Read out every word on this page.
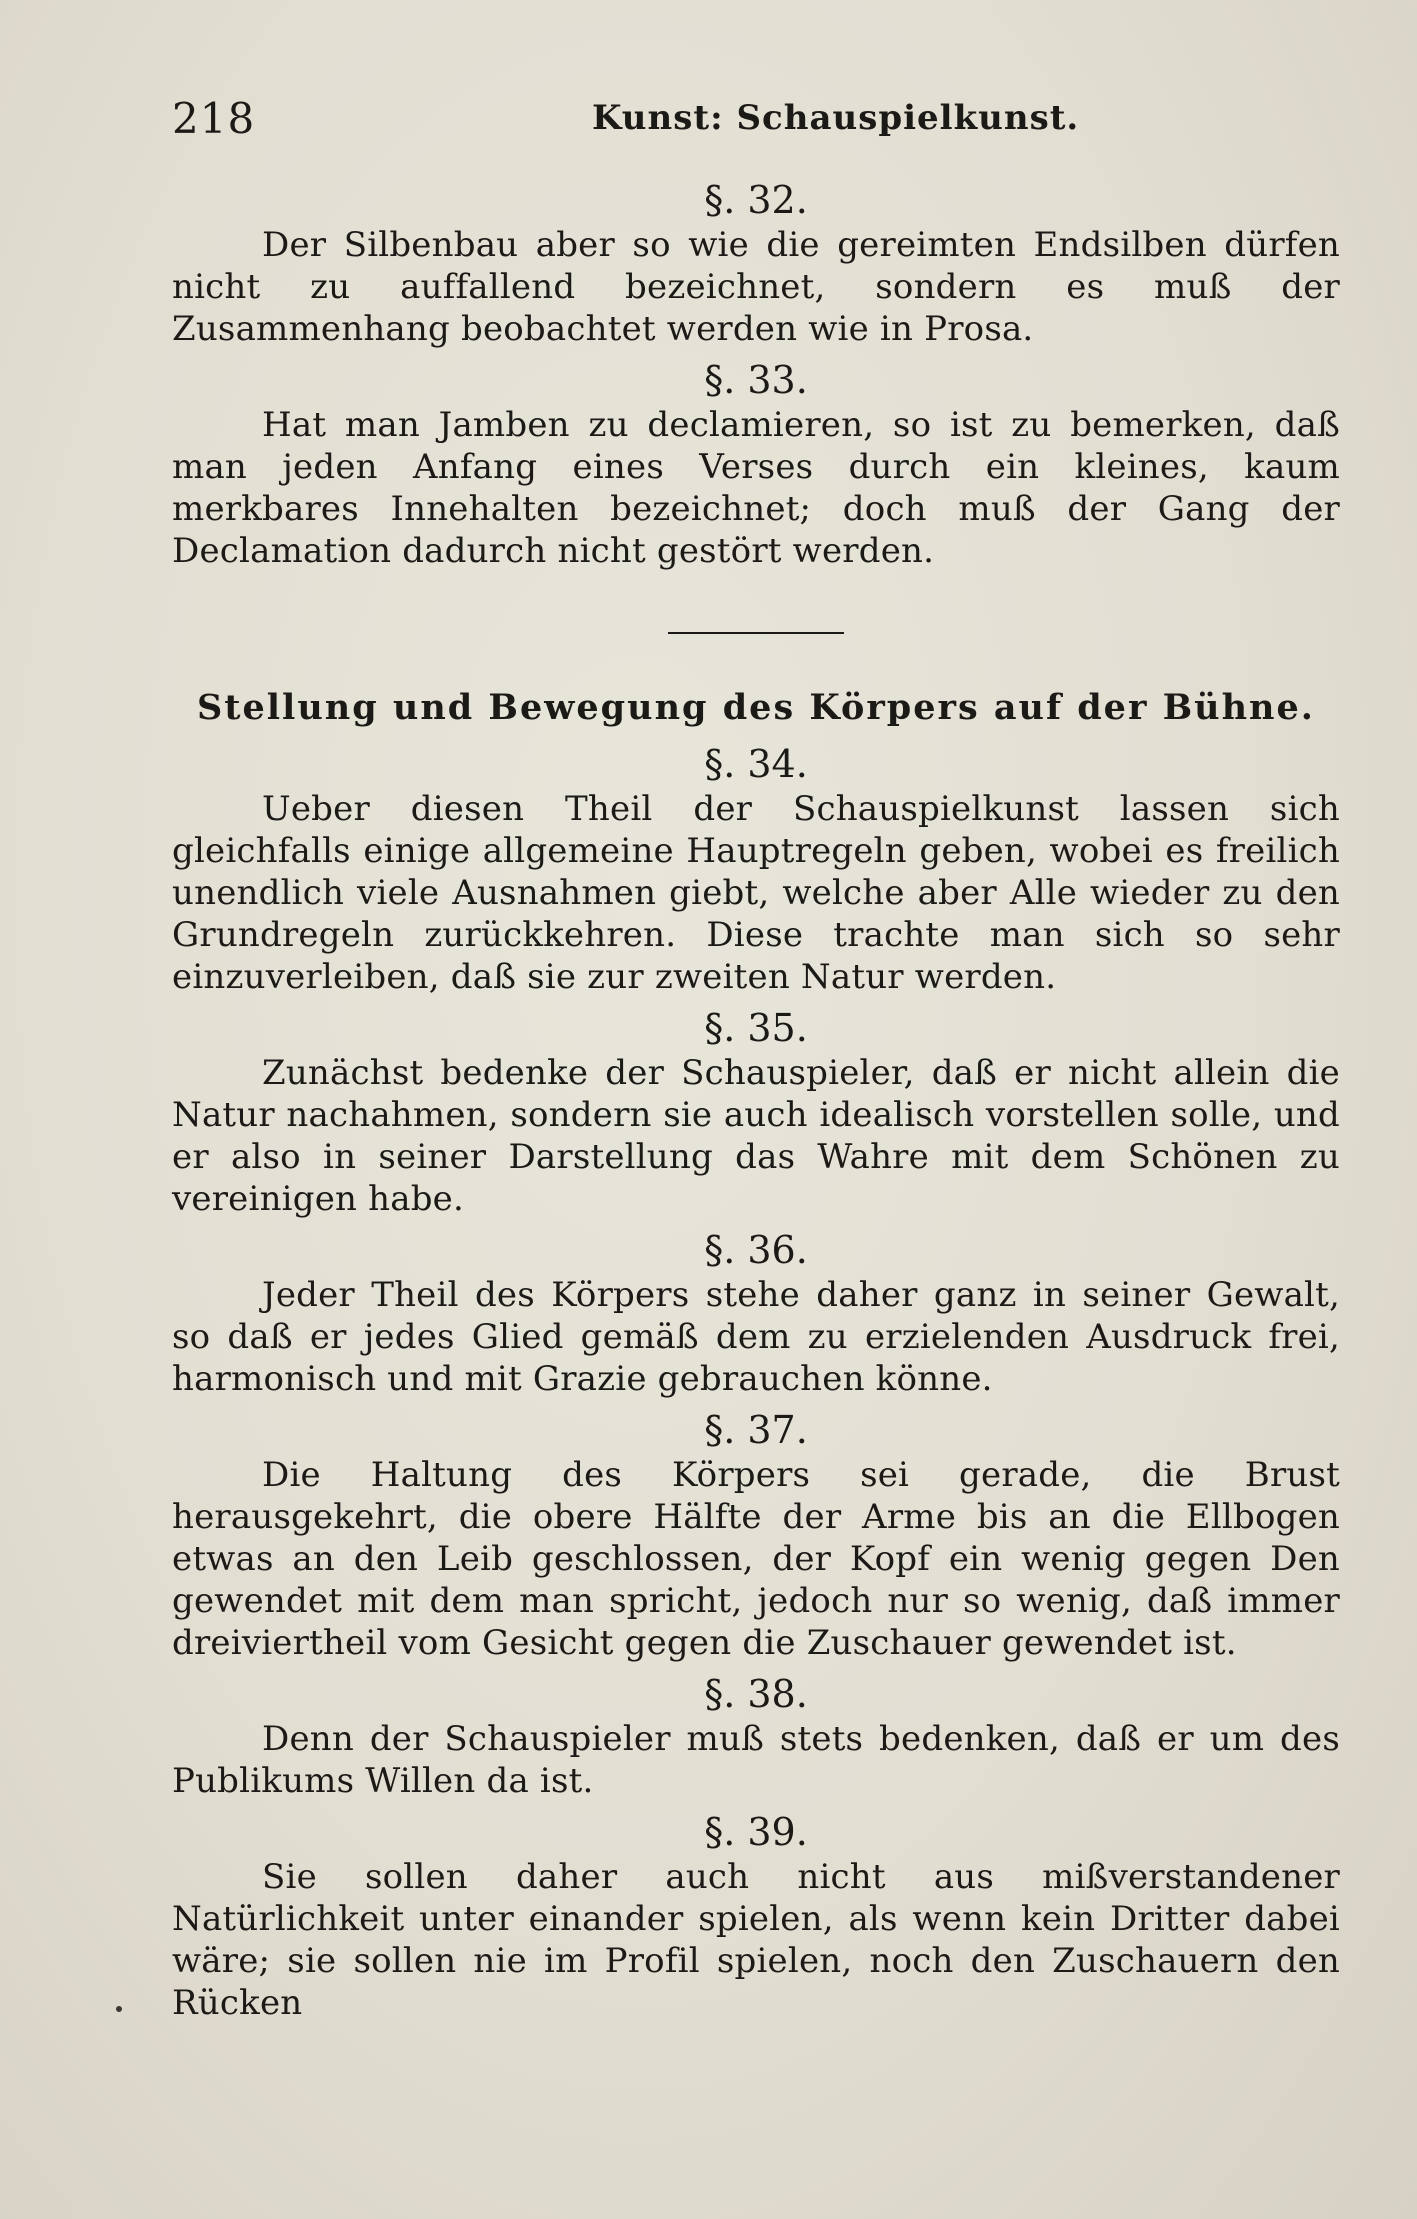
218	Kunst: Schauspielkunst.
§. 32.

Der Silbenbau aber so wie die gereimten Endsilben dürfen nicht zu auffallend bezeichnet, sondern es muß der Zusammenhang beobachtet werden wie in Prosa.

§. 33.

Hat man Jamben zu declamieren, so ist zu bemerken, daß man jeden Anfang eines Verses durch ein kleines, kaum merkbares Innehalten bezeichnet; doch muß der Gang der Declamation dadurch nicht gestört werden.

Stellung und Bewegung des Körpers auf der Bühne.
§. 34.

Ueber diesen Theil der Schauspielkunst lassen sich gleichfalls einige allgemeine Hauptregeln geben, wobei es freilich unendlich viele Ausnahmen giebt, welche aber Alle wieder zu den Grundregeln zurückkehren. Diese trachte man sich so sehr einzuverleiben, daß sie zur zweiten Natur werden.

§. 35.

Zunächst bedenke der Schauspieler, daß er nicht allein die Natur nachahmen, sondern sie auch idealisch vorstellen solle, und er also in seiner Darstellung das Wahre mit dem Schönen zu vereinigen habe.

§. 36.

Jeder Theil des Körpers stehe daher ganz in seiner Gewalt, so daß er jedes Glied gemäß dem zu erzielenden Ausdruck frei, harmonisch und mit Grazie gebrauchen könne.

§. 37.

Die Haltung des Körpers sei gerade, die Brust herausgekehrt, die obere Hälfte der Arme bis an die Ellbogen etwas an den Leib geschlossen, der Kopf ein wenig gegen Den gewendet mit dem man spricht, jedoch nur so wenig, daß immer dreiviertheil vom Gesicht gegen die Zuschauer gewendet ist.

§. 38.

Denn der Schauspieler muß stets bedenken, daß er um des Publikums Willen da ist.

§. 39.

Sie sollen daher auch nicht aus mißverstandener Natürlichkeit unter einander spielen, als wenn kein Dritter dabei wäre; sie sollen nie im Profil spielen, noch den Zuschauern den Rücken
